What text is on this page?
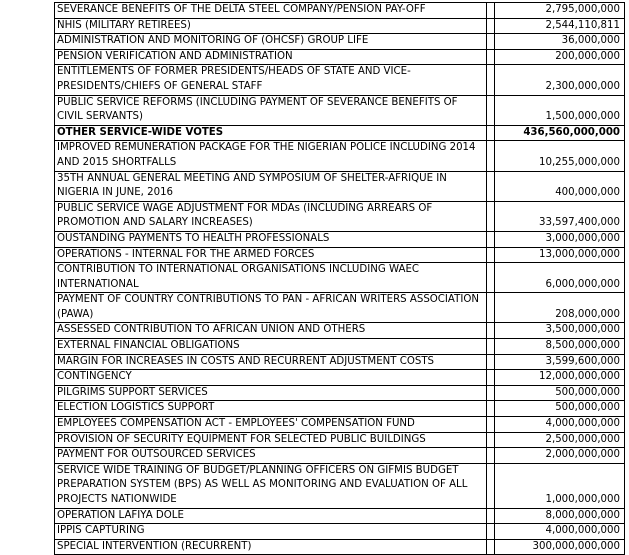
SEVERANCE BENEFITS OF THE DELTA STEEL COMPANY/PENSION PAY-OFF		2,795,000,000
NHIS (MILITARY RETIREES)		2,544,110,811
ADMINISTRATION AND MONITORING OF (OHCSF) GROUP LIFE		36,000,000
PENSION VERIFICATION AND ADMINISTRATION		200,000,000
ENTITLEMENTS OF FORMER PRESIDENTS/HEADS OF STATE AND VICE-PRESIDENTS/CHIEFS OF GENERAL STAFF		2,300,000,000
PUBLIC SERVICE REFORMS (INCLUDING PAYMENT OF SEVERANCE BENEFITS OF CIVIL SERVANTS)		1,500,000,000
OTHER SERVICE-WIDE VOTES		436,560,000,000
IMPROVED REMUNERATION PACKAGE FOR THE NIGERIAN POLICE INCLUDING 2014 AND 2015 SHORTFALLS		10,255,000,000
35TH ANNUAL GENERAL MEETING AND SYMPOSIUM OF SHELTER-AFRIQUE IN NIGERIA IN JUNE, 2016		400,000,000
PUBLIC SERVICE WAGE ADJUSTMENT FOR MDAs (INCLUDING ARREARS OF PROMOTION AND SALARY INCREASES)		33,597,400,000
OUSTANDING PAYMENTS TO HEALTH PROFESSIONALS		3,000,000,000
OPERATIONS - INTERNAL FOR THE ARMED FORCES		13,000,000,000
CONTRIBUTION TO INTERNATIONAL ORGANISATIONS INCLUDING WAEC INTERNATIONAL		6,000,000,000
PAYMENT OF COUNTRY CONTRIBUTIONS TO PAN - AFRICAN WRITERS ASSOCIATION (PAWA)		208,000,000
ASSESSED CONTRIBUTION TO AFRICAN UNION AND OTHERS		3,500,000,000
EXTERNAL FINANCIAL OBLIGATIONS		8,500,000,000
MARGIN FOR INCREASES IN COSTS AND RECURRENT ADJUSTMENT COSTS		3,599,600,000
CONTINGENCY		12,000,000,000
PILGRIMS SUPPORT SERVICES		500,000,000
ELECTION LOGISTICS SUPPORT		500,000,000
EMPLOYEES COMPENSATION ACT - EMPLOYEES' COMPENSATION FUND		4,000,000,000
PROVISION OF SECURITY EQUIPMENT FOR SELECTED PUBLIC BUILDINGS		2,500,000,000
PAYMENT FOR OUTSOURCED SERVICES		2,000,000,000
SERVICE WIDE TRAINING OF BUDGET/PLANNING OFFICERS ON GIFMIS BUDGET PREPARATION SYSTEM (BPS) AS WELL AS MONITORING AND EVALUATION OF ALL PROJECTS NATIONWIDE		1,000,000,000
OPERATION LAFIYA DOLE		8,000,000,000
IPPIS CAPTURING		4,000,000,000
SPECIAL INTERVENTION (RECURRENT)		300,000,000,000
